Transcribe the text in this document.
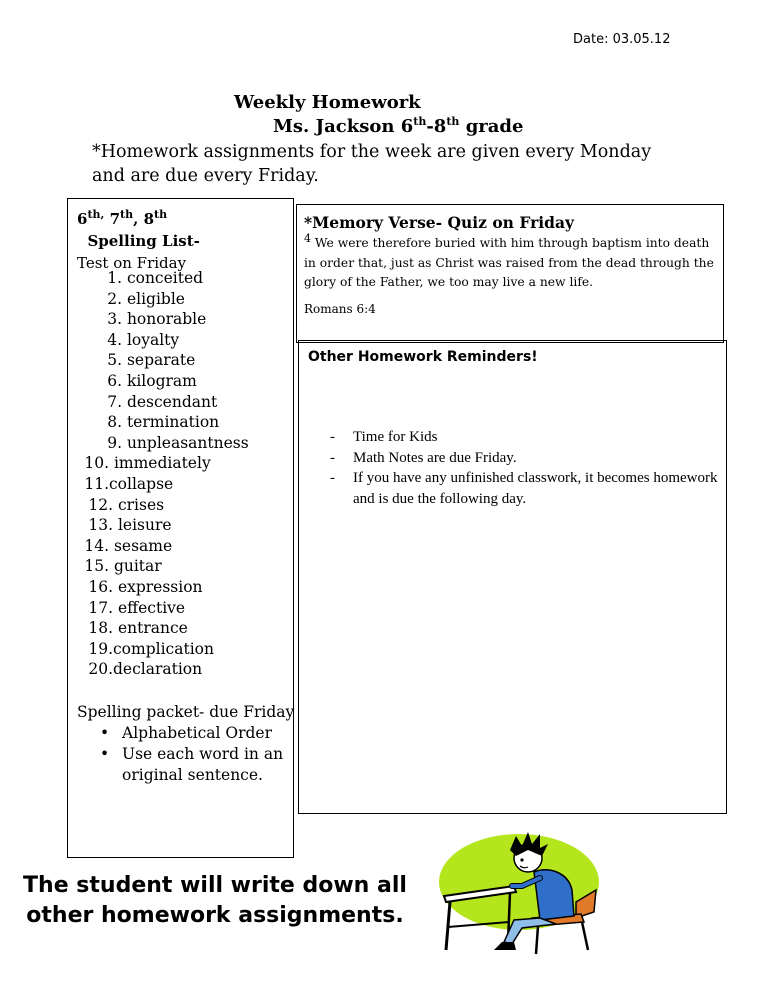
Date: 03.05.12
Weekly Homework
Ms. Jackson 6th-8th grade
*Homework assignments for the week are given every Monday and are due every Friday.
$6^{th,}$ 7th, 8th  Spelling List-
Test on Friday
1. conceited
2. eligible
3. honorable
4. loyalty
5. separate
6. kilogram
7. descendant
8. termination
9. unpleasantness
10. immediately
11.collapse
12. crises
13. leisure
14. sesame
15. guitar
16. expression
17. effective
18. entrance
19.complication
20.declaration
Spelling packet- due Friday
• Alphabetical Order
• Use each word in an original sentence.
*Memory Verse- Quiz on Friday
$^4$ We were therefore buried with him through baptism into death in order that, just as Christ was raised from the dead through the glory of the Father, we too may live a new life.
Romans 6:4
Other Homework Reminders!
- Time for Kids
- Math Notes are due Friday.
- If you have any unfinished classwork, it becomes homework and is due the following day.
The student will write down all other homework assignments.
